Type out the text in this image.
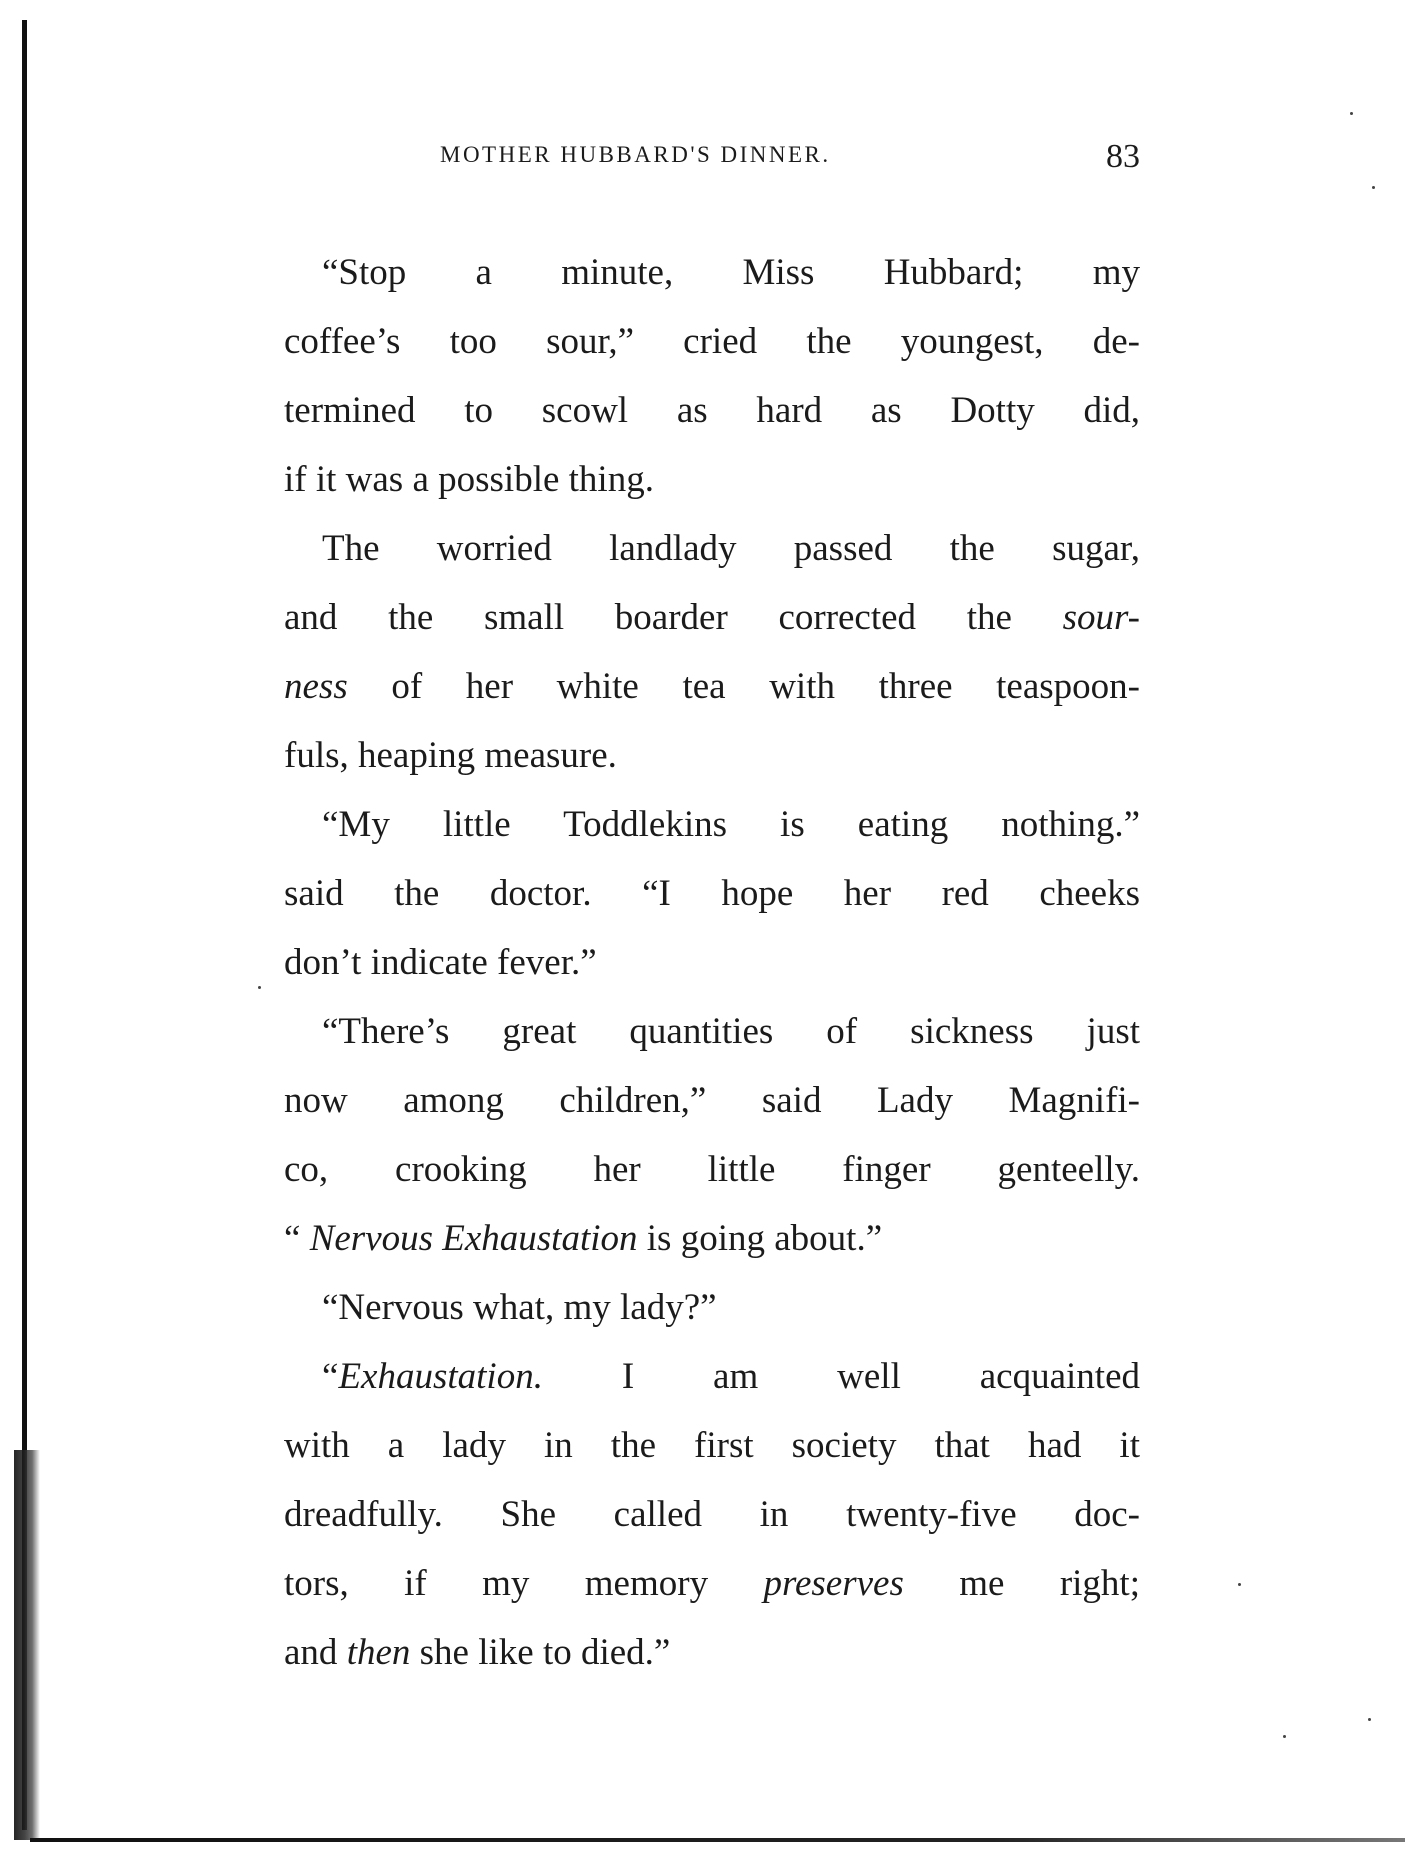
MOTHER HUBBARD'S DINNER.	83
“Stop a minute, Miss Hubbard; my
coffee’s too sour,” cried the youngest, de-
termined to scowl as hard as Dotty did,
if it was a possible thing.
The worried landlady passed the sugar,
and the small boarder corrected the sour-
ness of her white tea with three teaspoon-
fuls, heaping measure.
“My little Toddlekins is eating nothing.”
said the doctor. “I hope her red cheeks
don’t indicate fever.”
“There’s great quantities of sickness just
now among children,” said Lady Magnifi-
co, crooking her little finger genteelly.
“ Nervous Exhaustation is going about.”
“Nervous what, my lady?”
“Exhaustation. I am well acquainted
with a lady in the first society that had it
dreadfully. She called in twenty-five doc-
tors, if my memory preserves me right;
and then she like to died.”
